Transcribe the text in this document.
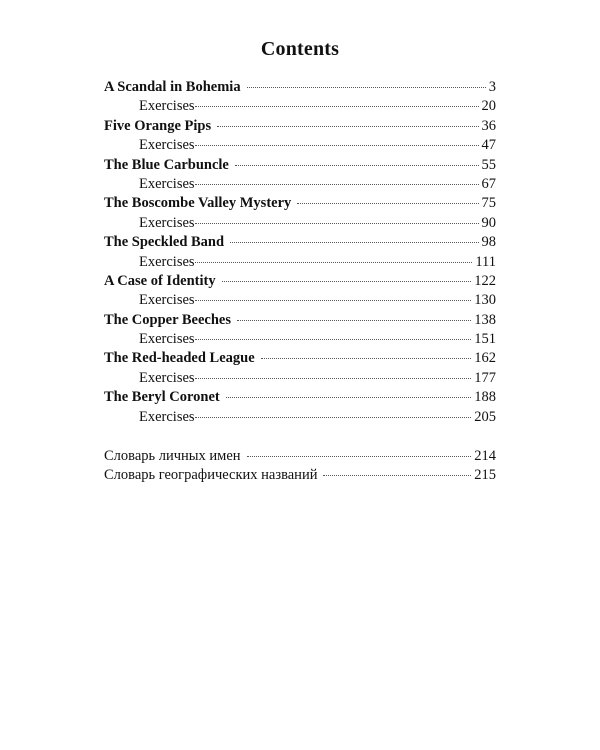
Contents
A Scandal in Bohemia	3
Exercises	20
Five Orange Pips	36
Exercises	47
The Blue Carbuncle	55
Exercises	67
The Boscombe Valley Mystery	75
Exercises	90
The Speckled Band	98
Exercises	111
A Case of Identity	122
Exercises	130
The Copper Beeches	138
Exercises	151
The Red-headed League	162
Exercises	177
The Beryl Coronet	188
Exercises	205
Словарь личных имен	214
Словарь географических названий	215
